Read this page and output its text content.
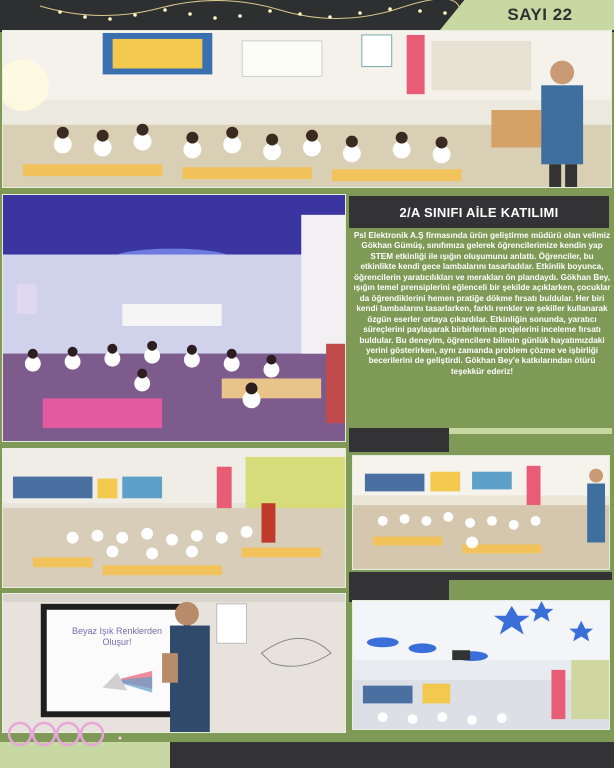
SAYI 22
2/A SINIFI AİLE KATILIMI
Psl Elektronik A.Ş firmasında ürün geliştirme müdürü olan velimiz Gökhan Gümüş, sınıfımıza gelerek öğrencilerimize kendin yap STEM etkinliği ile ışığın oluşumunu anlattı. Öğrenciler, bu etkinlikte kendi gece lambalarını tasarladılar. Etkinlik boyunca, öğrencilerin yaratıcılıkları ve merakları ön plandaydı. Gökhan Bey, ışığın temel prensiplerini eğlenceli bir şekilde açıklarken, çocuklar da öğrendiklerini hemen pratiğe dökme fırsatı buldular. Her biri kendi lambalarını tasarlarken, farklı renkler ve şekiller kullanarak özgün eserler ortaya çıkardılar. Etkinliğin sonunda, yaratıcı süreçlerini paylaşarak birbirlerinin projelerini inceleme fırsatı buldular. Bu deneyim, öğrencilere bilimin günlük hayatımızdaki yerini gösterirken, aynı zamanda problem çözme ve işbirliği becerilerini de geliştirdi. Gökhan Bey'e katkılarından ötürü teşekkür ederiz!
Beyaz Işık Renklerden Oluşur!
